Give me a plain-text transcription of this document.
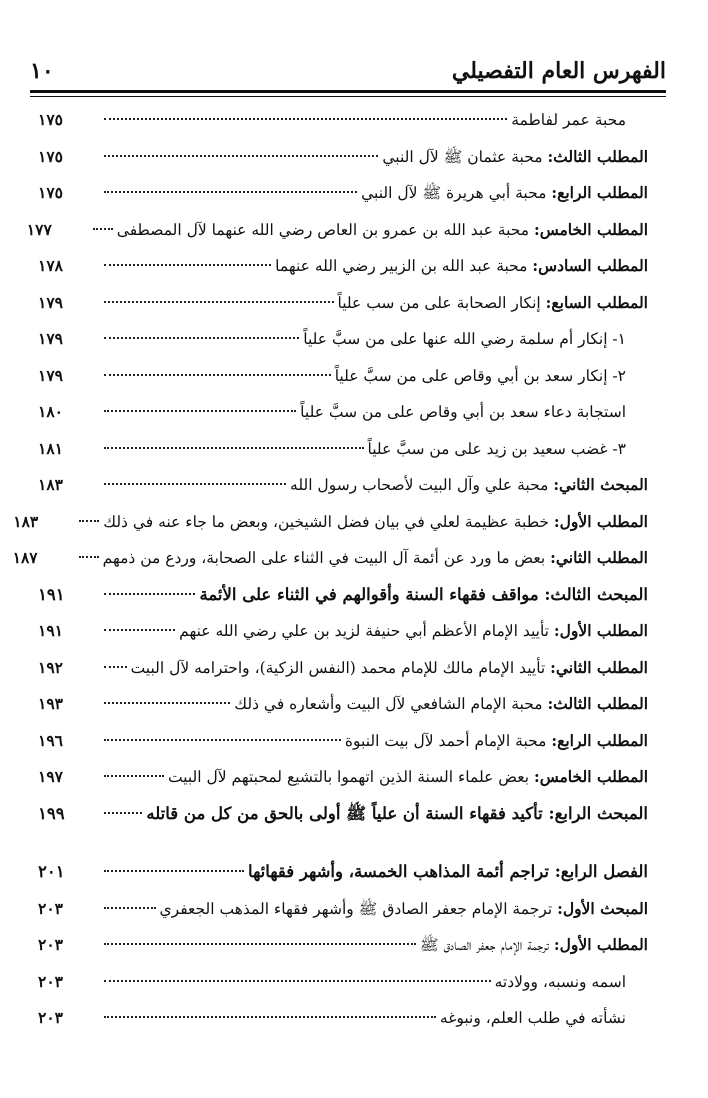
الفهرس العام التفصيلي
١٠
محبة عمر لفاطمة
١٧٥
المطلب الثالث: محبة عثمان ﷺ لآل النبي
١٧٥
المطلب الرابع: محبة أبي هريرة ﷺ لآل النبي
١٧٥
المطلب الخامس: محبة عبد الله بن عمرو بن العاص رضي الله عنهما لآل المصطفى
١٧٧
المطلب السادس: محبة عبد الله بن الزبير رضي الله عنهما
١٧٨
المطلب السابع: إنكار الصحابة على من سب علياً
١٧٩
١- إنكار أم سلمة رضي الله عنها على من سبَّ علياً
١٧٩
٢- إنكار سعد بن أبي وقاص على من سبَّ علياً
١٧٩
استجابة دعاء سعد بن أبي وقاص على من سبَّ علياً
١٨٠
٣- غضب سعيد بن زيد على من سبَّ علياً
١٨١
المبحث الثاني: محبة علي وآل البيت لأصحاب رسول الله
١٨٣
المطلب الأول: خطبة عظيمة لعلي في بيان فضل الشيخين، وبعض ما جاء عنه في ذلك
١٨٣
المطلب الثاني: بعض ما ورد عن أئمة آل البيت في الثناء على الصحابة، وردع من ذمهم
١٨٧
المبحث الثالث: مواقف فقهاء السنة وأقوالهم في الثناء على الأئمة
١٩١
المطلب الأول: تأييد الإمام الأعظم أبي حنيفة لزيد بن علي رضي الله عنهم
١٩١
المطلب الثاني: تأييد الإمام مالك للإمام محمد (النفس الزكية)، واحترامه لآل البيت
١٩٢
المطلب الثالث: محبة الإمام الشافعي لآل البيت وأشعاره في ذلك
١٩٣
المطلب الرابع: محبة الإمام أحمد لآل بيت النبوة
١٩٦
المطلب الخامس: بعض علماء السنة الذين اتهموا بالتشيع لمحبتهم لآل البيت
١٩٧
المبحث الرابع: تأكيد فقهاء السنة أن علياً ﷺ أولى بالحق من كل من قاتله
١٩٩
الفصل الرابع: تراجم أئمة المذاهب الخمسة، وأشهر فقهائها
٢٠١
المبحث الأول: ترجمة الإمام جعفر الصادق ﷺ وأشهر فقهاء المذهب الجعفري
٢٠٣
المطلب الأول: ترجمة الإمام جعفر الصادق ﷺ
٢٠٣
اسمه ونسبه، وولادته
٢٠٣
نشأته في طلب العلم، ونبوغه
٢٠٣
